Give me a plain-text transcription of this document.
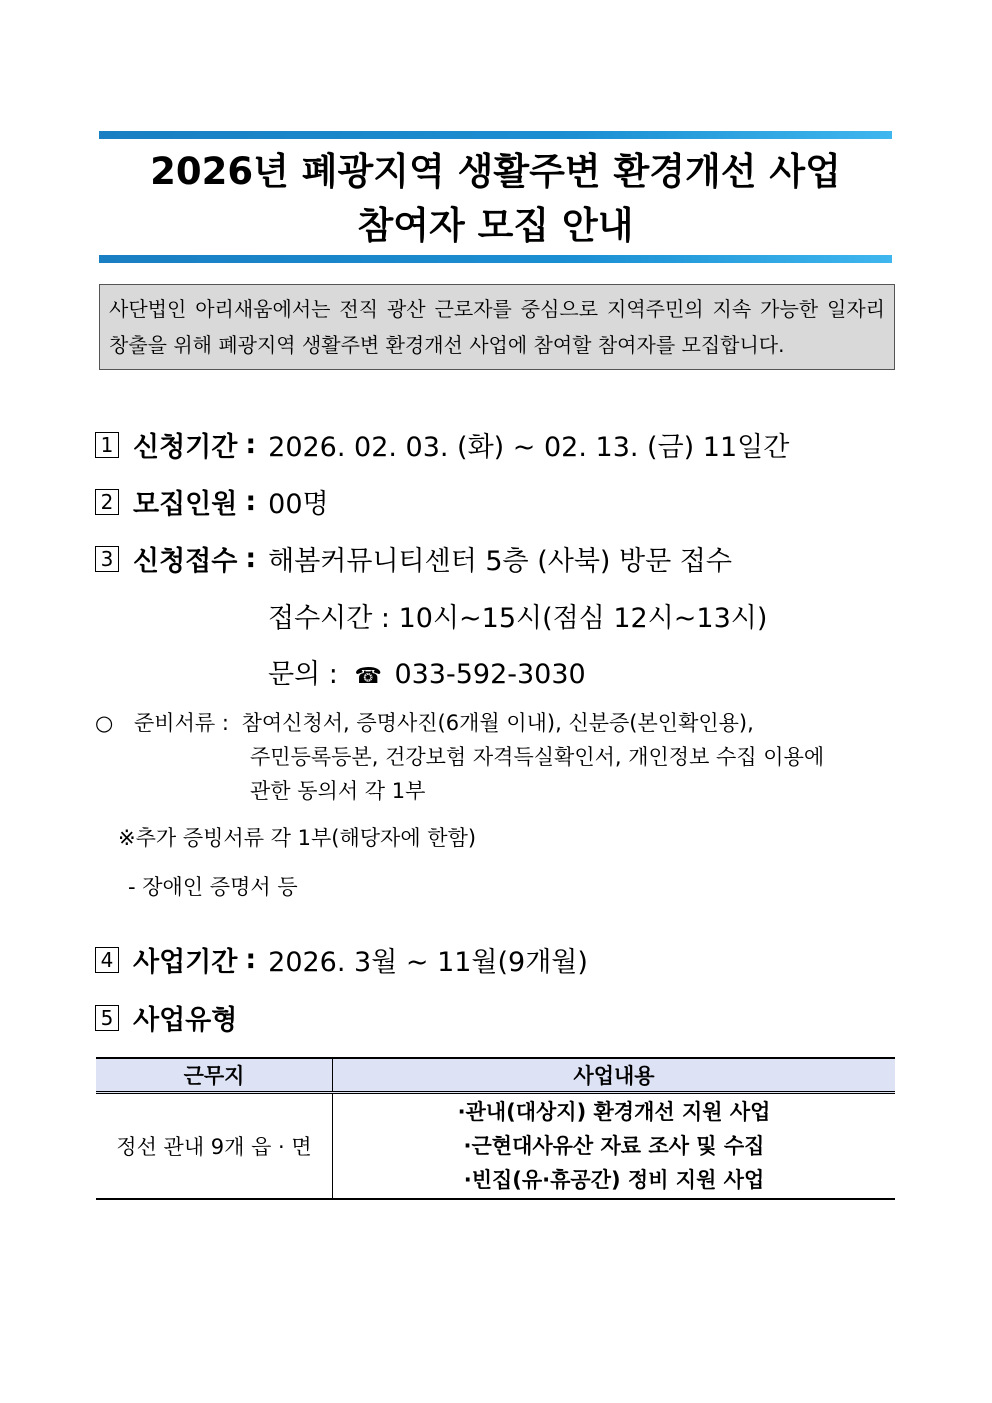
2026년 폐광지역 생활주변 환경개선 사업
참여자 모집 안내
사단법인 아리새움에서는 전직 광산 근로자를 중심으로 지역주민의 지속 가능한 일자리 창출을 위해 폐광지역 생활주변 환경개선 사업에 참여할 참여자를 모집합니다.
1 신청기간 : 2026. 02. 03. (화) ~ 02. 13. (금) 11일간
2 모집인원 : 00명
3 신청접수 : 해봄커뮤니티센터 5층 (사북) 방문 접수
접수시간 : 10시~15시(점심 12시~13시)
문의 : ☎ 033-592-3030
○ 준비서류 : 참여신청서, 증명사진(6개월 이내), 신분증(본인확인용),
주민등록등본, 건강보험 자격득실확인서, 개인정보 수집 이용에
관한 동의서 각 1부
※추가 증빙서류 각 1부(해당자에 한함)
- 장애인 증명서 등
4 사업기간 : 2026. 3월 ~ 11월(9개월)
5 사업유형
근무지	사업내용
정선 관내 9개 읍 · 면	·관내(대상지) 환경개선 지원 사업
·근현대사유산 자료 조사 및 수집
·빈집(유·휴공간) 정비 지원 사업
